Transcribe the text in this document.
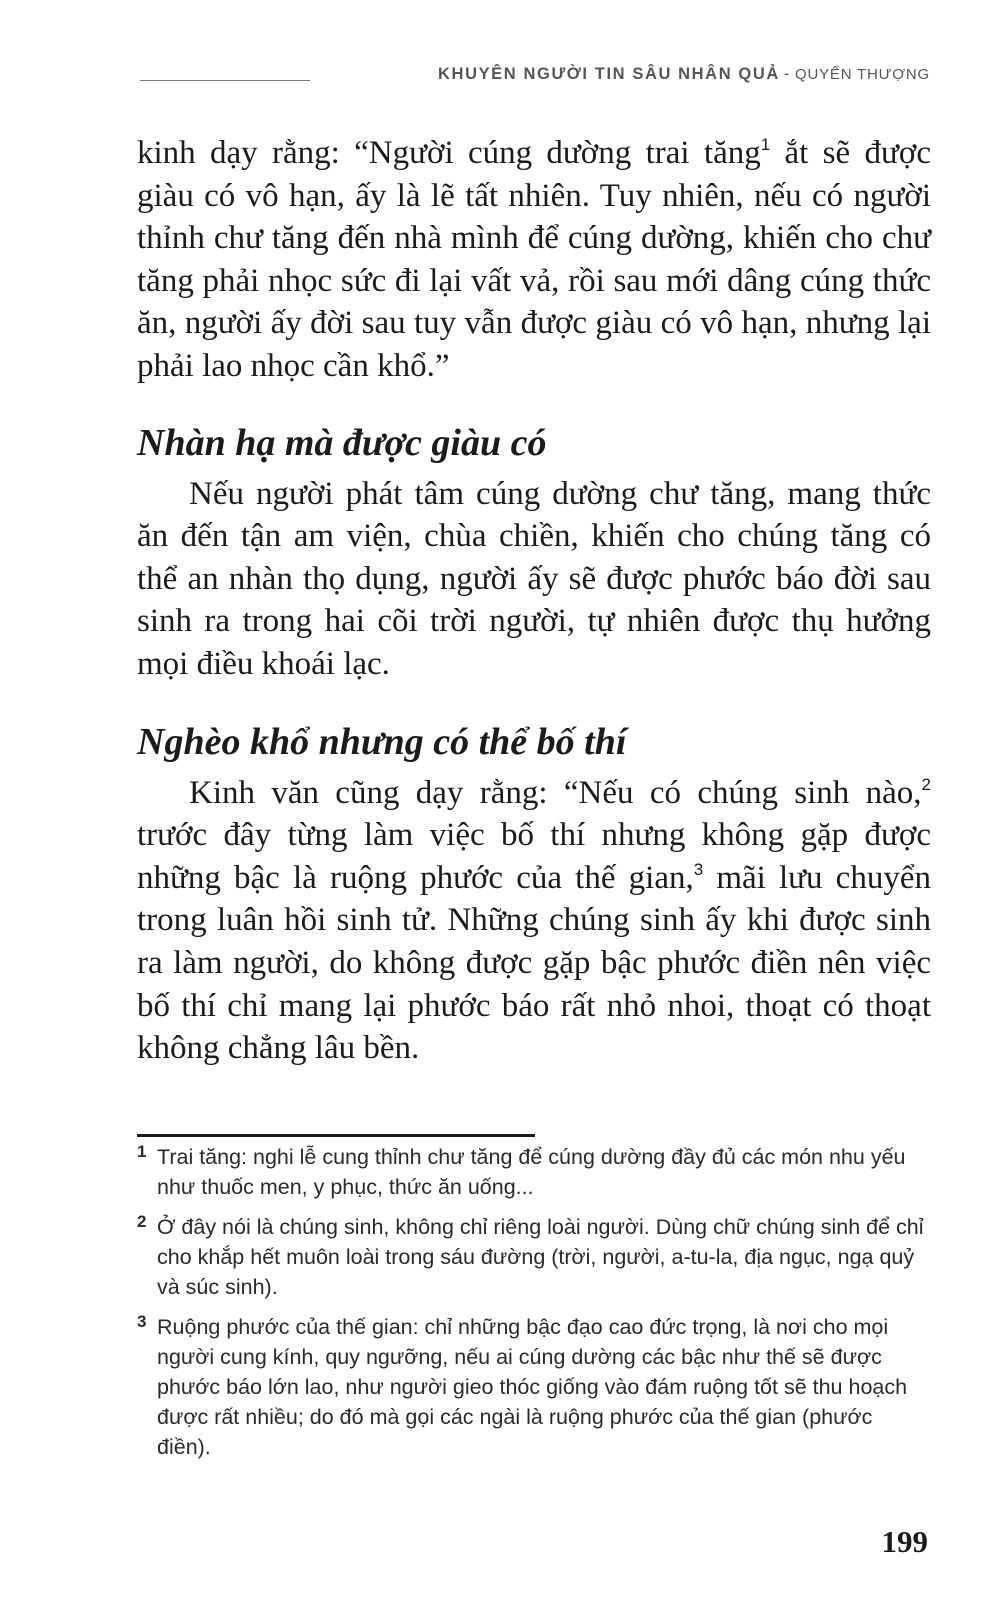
KHUYÊN NGƯỜI TIN SÂU NHÂN QUẢ - QUYỂN THƯỢNG

kinh dạy rằng: “Người cúng dường trai tăng$^1$ ắt sẽ được giàu có vô hạn, ấy là lẽ tất nhiên. Tuy nhiên, nếu có người thỉnh chư tăng đến nhà mình để cúng dường, khiến cho chư tăng phải nhọc sức đi lại vất vả, rồi sau mới dâng cúng thức ăn, người ấy đời sau tuy vẫn được giàu có vô hạn, nhưng lại phải lao nhọc cần khổ.”

Nhàn hạ mà được giàu có

Nếu người phát tâm cúng dường chư tăng, mang thức ăn đến tận am viện, chùa chiền, khiến cho chúng tăng có thể an nhàn thọ dụng, người ấy sẽ được phước báo đời sau sinh ra trong hai cõi trời người, tự nhiên được thụ hưởng mọi điều khoái lạc.

Nghèo khổ nhưng có thể bố thí

Kinh văn cũng dạy rằng: “Nếu có chúng sinh nào,$^2$ trước đây từng làm việc bố thí nhưng không gặp được những bậc là ruộng phước của thế gian,$^3$ mãi lưu chuyển trong luân hồi sinh tử. Những chúng sinh ấy khi được sinh ra làm người, do không được gặp bậc phước điền nên việc bố thí chỉ mang lại phước báo rất nhỏ nhoi, thoạt có thoạt không chẳng lâu bền.

1 Trai tăng: nghi lễ cung thỉnh chư tăng để cúng dường đầy đủ các món nhu yếu như thuốc men, y phục, thức ăn uống...
2 Ở đây nói là chúng sinh, không chỉ riêng loài người. Dùng chữ chúng sinh để chỉ cho khắp hết muôn loài trong sáu đường (trời, người, a-tu-la, địa ngục, ngạ quỷ và súc sinh).
3 Ruộng phước của thế gian: chỉ những bậc đạo cao đức trọng, là nơi cho mọi người cung kính, quy ngưỡng, nếu ai cúng dường các bậc như thế sẽ được phước báo lớn lao, như người gieo thóc giống vào đám ruộng tốt sẽ thu hoạch được rất nhiều; do đó mà gọi các ngài là ruộng phước của thế gian (phước điền).
199
